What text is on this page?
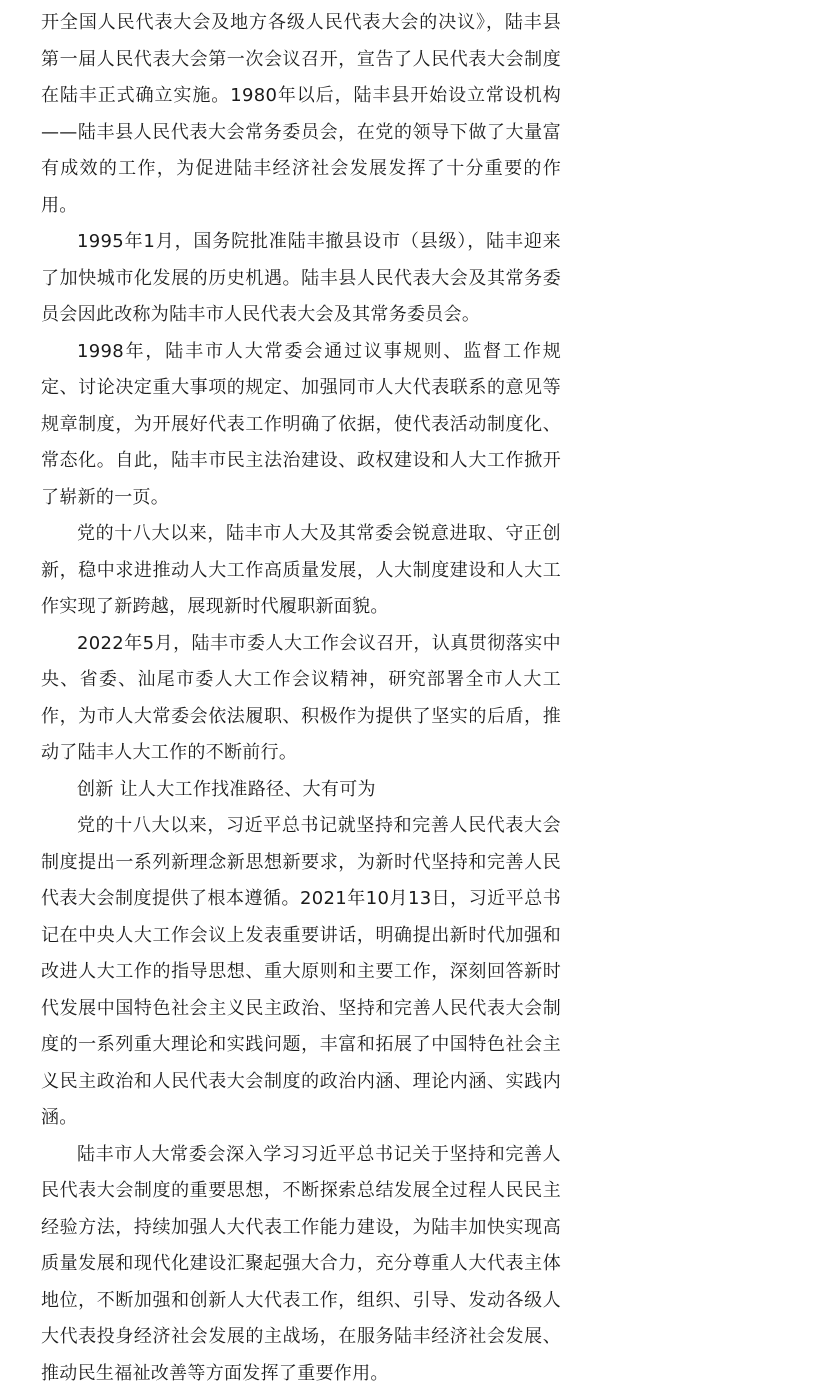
开全国人民代表大会及地方各级人民代表大会的决议》，陆丰县第一届人民代表大会第一次会议召开，宣告了人民代表大会制度在陆丰正式确立实施。1980年以后，陆丰县开始设立常设机构——陆丰县人民代表大会常务委员会，在党的领导下做了大量富有成效的工作，为促进陆丰经济社会发展发挥了十分重要的作用。

1995年1月，国务院批准陆丰撤县设市（县级），陆丰迎来了加快城市化发展的历史机遇。陆丰县人民代表大会及其常务委员会因此改称为陆丰市人民代表大会及其常务委员会。

1998年，陆丰市人大常委会通过议事规则、监督工作规定、讨论决定重大事项的规定、加强同市人大代表联系的意见等规章制度，为开展好代表工作明确了依据，使代表活动制度化、常态化。自此，陆丰市民主法治建设、政权建设和人大工作掀开了崭新的一页。

党的十八大以来，陆丰市人大及其常委会锐意进取、守正创新，稳中求进推动人大工作高质量发展，人大制度建设和人大工作实现了新跨越，展现新时代履职新面貌。

2022年5月，陆丰市委人大工作会议召开，认真贯彻落实中央、省委、汕尾市委人大工作会议精神，研究部署全市人大工作，为市人大常委会依法履职、积极作为提供了坚实的后盾，推动了陆丰人大工作的不断前行。

创新 让人大工作找准路径、大有可为

党的十八大以来，习近平总书记就坚持和完善人民代表大会制度提出一系列新理念新思想新要求，为新时代坚持和完善人民代表大会制度提供了根本遵循。2021年10月13日，习近平总书记在中央人大工作会议上发表重要讲话，明确提出新时代加强和改进人大工作的指导思想、重大原则和主要工作，深刻回答新时代发展中国特色社会主义民主政治、坚持和完善人民代表大会制度的一系列重大理论和实践问题，丰富和拓展了中国特色社会主义民主政治和人民代表大会制度的政治内涵、理论内涵、实践内涵。

陆丰市人大常委会深入学习习近平总书记关于坚持和完善人民代表大会制度的重要思想，不断探索总结发展全过程人民民主经验方法，持续加强人大代表工作能力建设，为陆丰加快实现高质量发展和现代化建设汇聚起强大合力，充分尊重人大代表主体地位，不断加强和创新人大代表工作，组织、引导、发动各级人大代表投身经济社会发展的主战场，在服务陆丰经济社会发展、推动民生福祉改善等方面发挥了重要作用。
